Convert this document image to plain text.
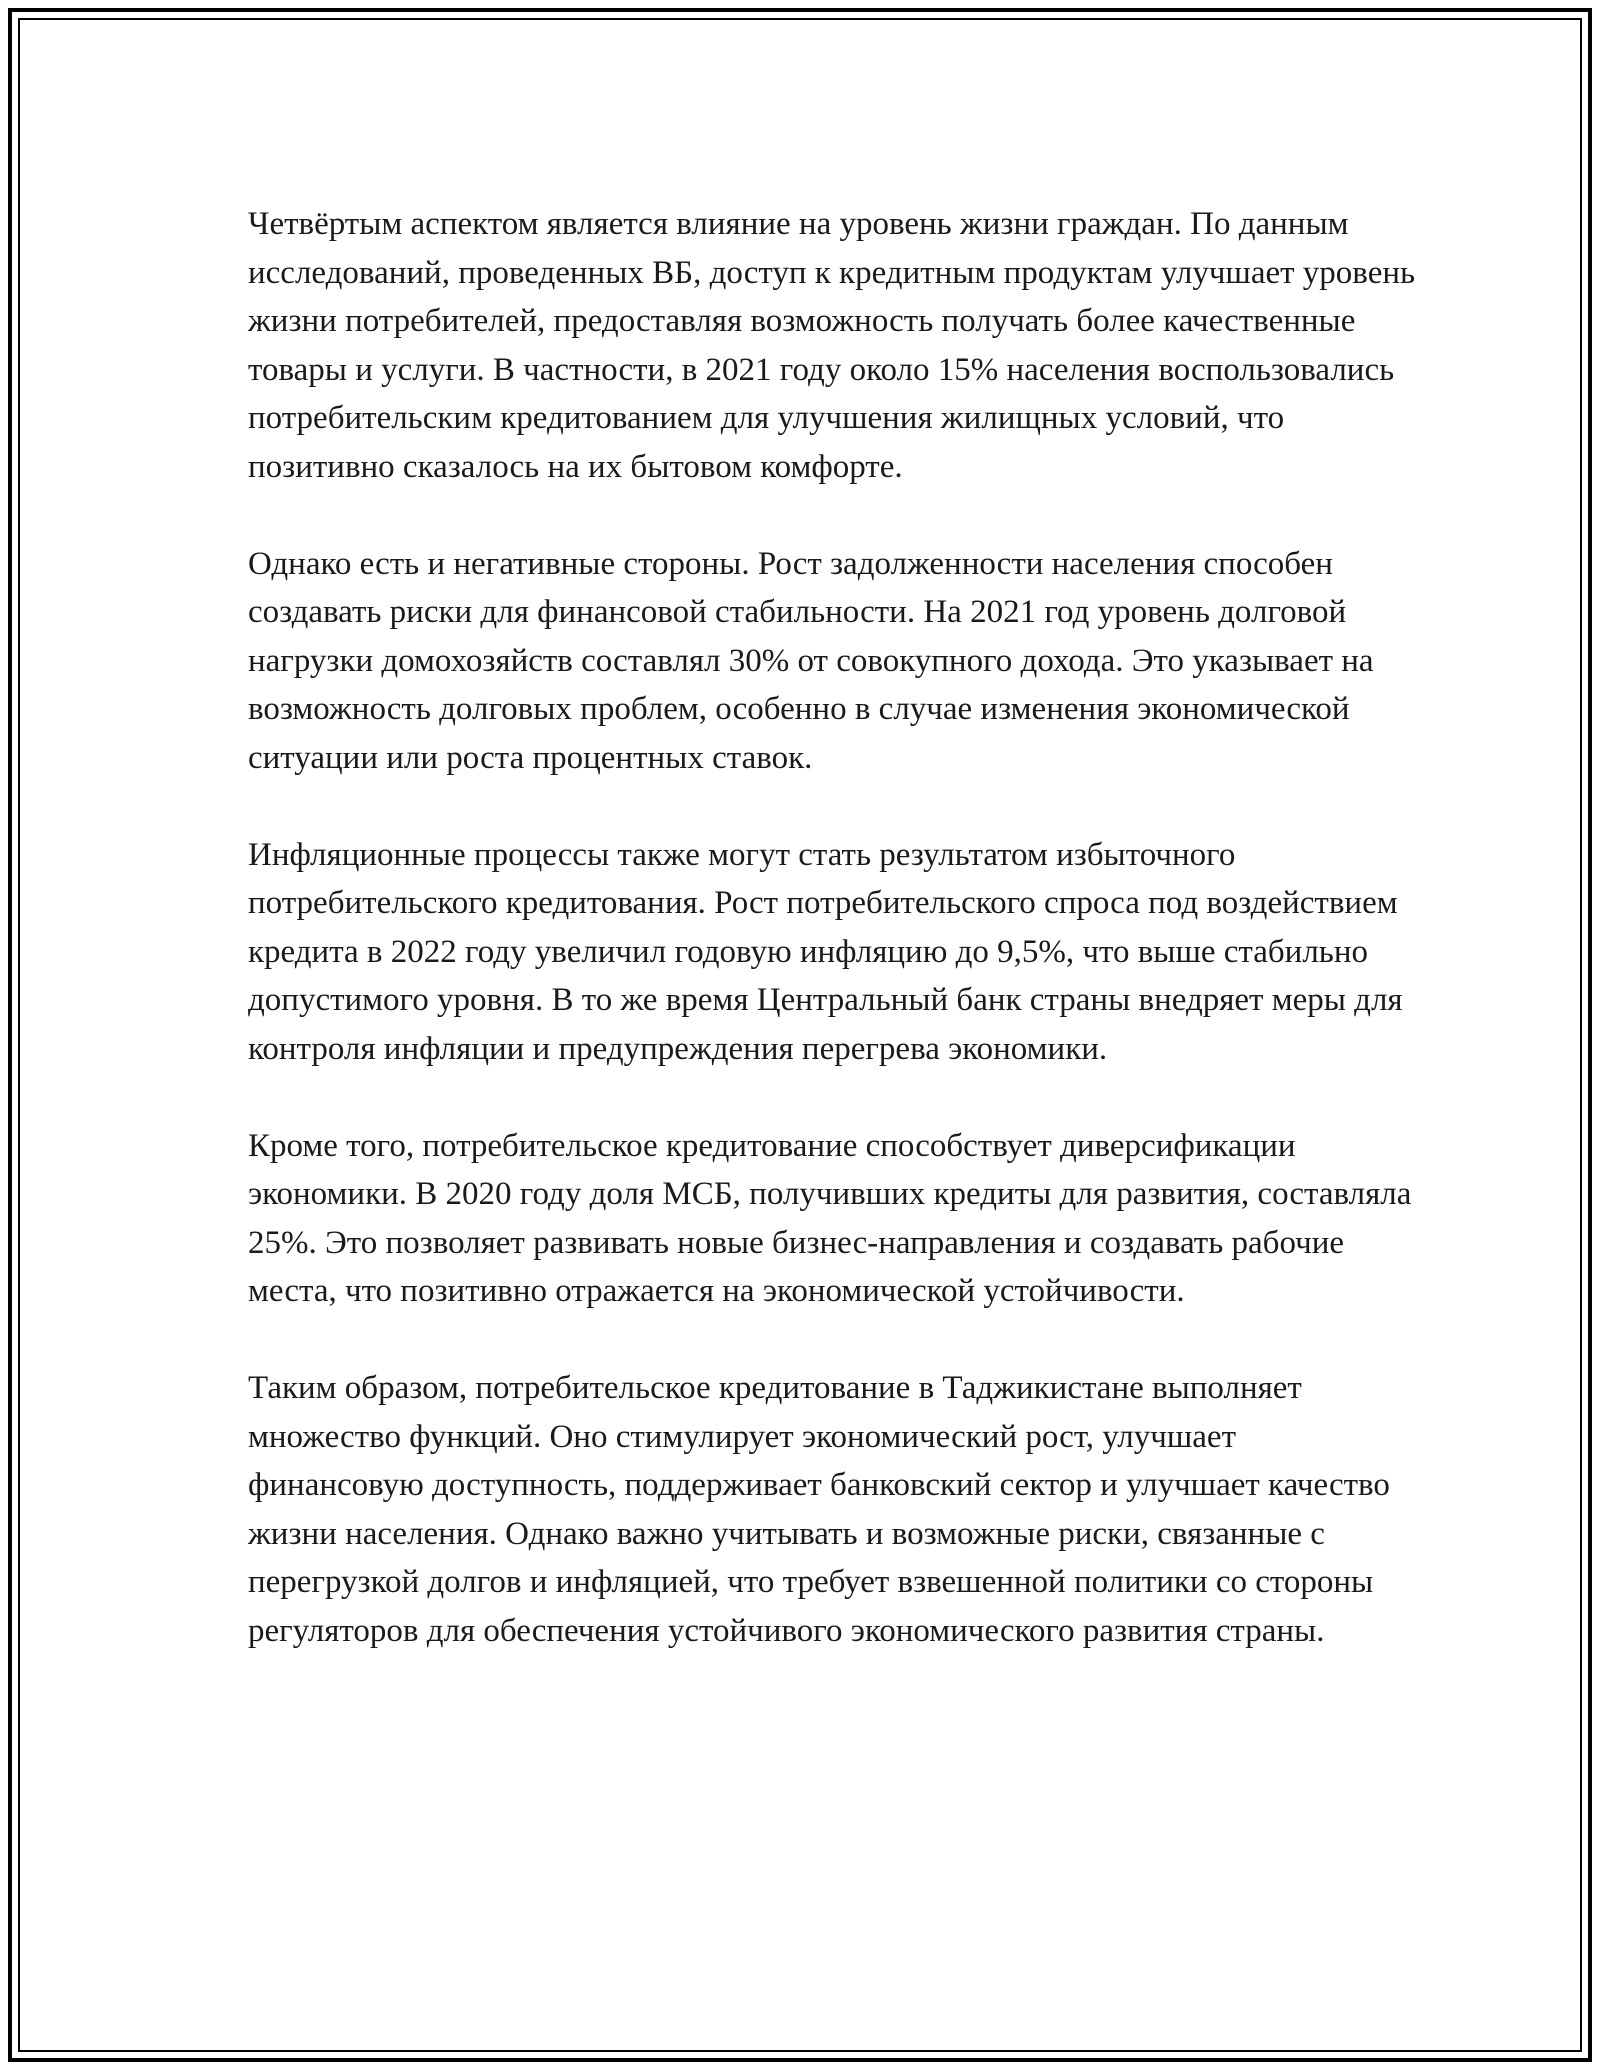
Четвёртым аспектом является влияние на уровень жизни граждан. По данным исследований, проведенных ВБ, доступ к кредитным продуктам улучшает уровень жизни потребителей, предоставляя возможность получать более качественные товары и услуги. В частности, в 2021 году около 15% населения воспользовались потребительским кредитованием для улучшения жилищных условий, что позитивно сказалось на их бытовом комфорте.

Однако есть и негативные стороны. Рост задолженности населения способен создавать риски для финансовой стабильности. На 2021 год уровень долговой нагрузки домохозяйств составлял 30% от совокупного дохода. Это указывает на возможность долговых проблем, особенно в случае изменения экономической ситуации или роста процентных ставок.

Инфляционные процессы также могут стать результатом избыточного потребительского кредитования. Рост потребительского спроса под воздействием кредита в 2022 году увеличил годовую инфляцию до 9,5%, что выше стабильно допустимого уровня. В то же время Центральный банк страны внедряет меры для контроля инфляции и предупреждения перегрева экономики.

Кроме того, потребительское кредитование способствует диверсификации экономики. В 2020 году доля МСБ, получивших кредиты для развития, составляла 25%. Это позволяет развивать новые бизнес-направления и создавать рабочие места, что позитивно отражается на экономической устойчивости.

Таким образом, потребительское кредитование в Таджикистане выполняет множество функций. Оно стимулирует экономический рост, улучшает финансовую доступность, поддерживает банковский сектор и улучшает качество жизни населения. Однако важно учитывать и возможные риски, связанные с перегрузкой долгов и инфляцией, что требует взвешенной политики со стороны регуляторов для обеспечения устойчивого экономического развития страны.
